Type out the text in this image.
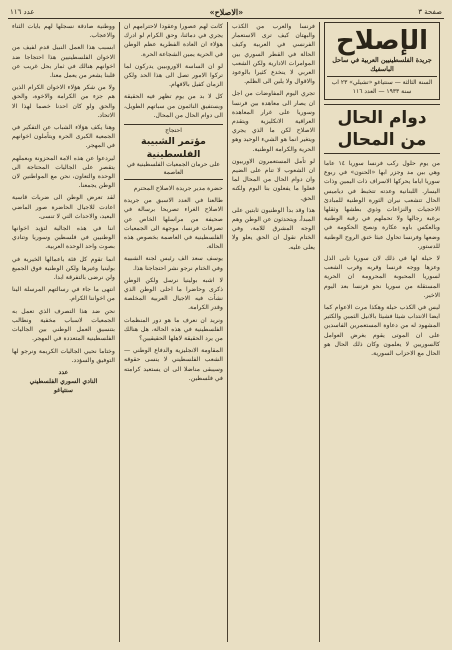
صفحة ٣
«الاصلاح»
عدد ١١٦
الإصلاح
جريدة الفلسطينيين العربية في ساحل الباسفيك
السنة الثالثة — سنتياغو «تشيلي» ٢٣ اب سنة ١٩٣٣ — العدد ١١٦
دوام الحال من المحال

من يوم حلول ركب فرنسا سوريا ١٤ عاما وهي بين مد وجزر ابها «الحنون» في ربوع سوريا اياما يحركها الاسراف ذات اليمين وذات اليسار. اللبنانية وعدته تتخبط في دياميس الحال تتشعب نيران الثورة الوطنية للمبادئ الاحجيات والنزاعات وذوي بطشها وثقلها برغبة رجالها ولا تحملهم في رقبة الوطنية وبالعكس باوه عكارة ونصح الحكومة في وضعها وفرنسا تحاول عبثا خنق الروح الوطنية للدستور.

لا حيلة لها في ذلك لان سوريا تابى الذل وعزها ووجه فرنسا وقربه وقرب الشعب لسوريا المحبوبة المحرومة ان الحرية المستقلة من سوريا نحو فرنسا بعد اليوم الاخير.

ليس في الكذب حيلة وهكذا مرت الاعوام كما ايضا الانتداب شيئا فشيئا بالانيل الثمين والكثير المشهود له من دعاوة المستعمرين الفاسدين على ان الموتى يقوم بغرض العوامل كالسوريين لا يعلمون وكان ذلك الحال هو الحال مع الاحزاب السورية.

فرنسا والعرب من الكذب والبهتان كيف ترى الاستعمار الفرنسي في العربية وكيف الحالة في القطر السوري بين الموامرات الادارية ولكن الشعب العربي لا ينخدع كثيرا بالوعود والاقوال ولا يلين الى الظلم.

تجري اليوم المفاوضات من اجل ان يصار الى معاهدة بين فرنسا وسوريا على غرار المعاهدة العراقية الانكليزية ويتقدم الاصلاح لكن ما الذي يجري ويتغير انما هو الشيء الوحيد وهو الحرية والكرامة الوطنية.

لو تأمل المستعمرون الاوربيون ان الشعوب لا تنام على الضيم وان دوام الحال من المحال لما فعلوا ما يفعلون بنا اليوم ولكنه الحق.

هذا وقد بدأ الوطنيون ثابتين على المبدأ، ويتحدثون عن الوطن وهم الوجه المشرق للامة، وفي الختام نقول ان الحق يعلو ولا يعلى عليه.

كانت لهم عصورا وعقودا لاحترامهم ان يجري في دمائنا، وحق الكرام لو ادرك هؤلاء ان العادة الفطرية عظم الوطن في الحرية يمين الشجاعة الحرة.

لو ان الساسة الاوروبيين يدركون لما تركوا الامور تصل الى هذا الحد ولكن الزمان كفيل بالافهام.

كل لا بد من يوم تظهر فيه الحقيقة ويستفيق النائمون من سباتهم الطويل، الى دوام الحال من المحال.

احتجاج
مؤتمر الشبيبة الفلسطينية
على حرمان الجمعيات الفلسطينية في العاصمة

حضرة مدير جريدة الاصلاح المحترم

طالعنا في العدد الاسبق من جريدة الاصلاح الغراء تصريحا برسالة في صحيفة من مراسلها الخاص عن تصرفات فرنسا، موجهة الى الجمعيات الفلسطينية في العاصمة بخصوص هذه الحالة.

يوسف سعد الف رئيس لجنة الشبيبة وفي الختام نرجو نشر احتجاجنا هذا.

لا اشبه بولينيا نرسل ولكن الوطن ذكرى وحاضرا ما احلى الوطن الذي نشأت فيه الاجيال العربية المخلصة وقدر الكرامة.

ونريد ان نعرف ما هو دور المنظمات الفلسطينية في هذه الحالة، هل هنالك من يرد الحقيقة لاهلها الحقيقيين؟

المقاومة الانجليزية والدفاع الوطني — الشعب الفلسطيني لا ينسى حقوقه وسيبقى مناضلا الى ان يستعيد كرامته في فلسطين.

ووطنية صادقة نسجلها لهم بايات الثناء والاعجاب.

ابسبب هذا العمل النبيل قدم لفيف من الاخوان الفلسطينيين هذا احتجاجا ضد اخوانهم هنالك في ثمار بحل غريب عن قلبنا يشعر من يعمل معنا.

ولا من شكر هؤلاء الاخوان الكرام الذين هم جزء من الكرامة والاخوة، والحق والحق ولو كان احدنا خصما لهذا الا الاتحاد.

وهنا يكف هؤلاء الشباب عن التفكير في الجمعية الكبرى الحرة ويتأملون اخوانهم في المهجر.

ليردعوا عن هذه الامة المحزونة وبعملهم يتقصر على الجاليات المحتاجة الى الوحدة والتعاون، نحن مع المواطنين لان الوطن يجمعنا.

لقد تعرض الوطن الى ضربات قاسية اعادت للاجيال الحاضرة صور الماضي البعيد، والاحداث التي لا تنسى.

اننا في هذه الجالية لتؤيد اخوانها الوطنيين في فلسطين وسوريا وتنادي بصوت واحد الوحدة العربية.

انما تقوم كل فئة باعمالها الخيرية في بولينيا وغيرها ولكن الوطنية فوق الجميع ولن نرضى بالتفرقة ابدا.

انتهى ما جاء في رسالتهم المرسلة الينا من اخواننا الكرام.

نحن ضد هذا التصرف الذي تعمل به الجمعيات لاسباب مخفية ونطالب بتنسيق العمل الوطني بين الجاليات الفلسطينية المتعددة في المهجر.

وختاما نحيي الجاليات الكريمة ونرجو لها التوفيق والسؤدد.

عدد
النادي السوري الفلسطيني
سنتياغو
